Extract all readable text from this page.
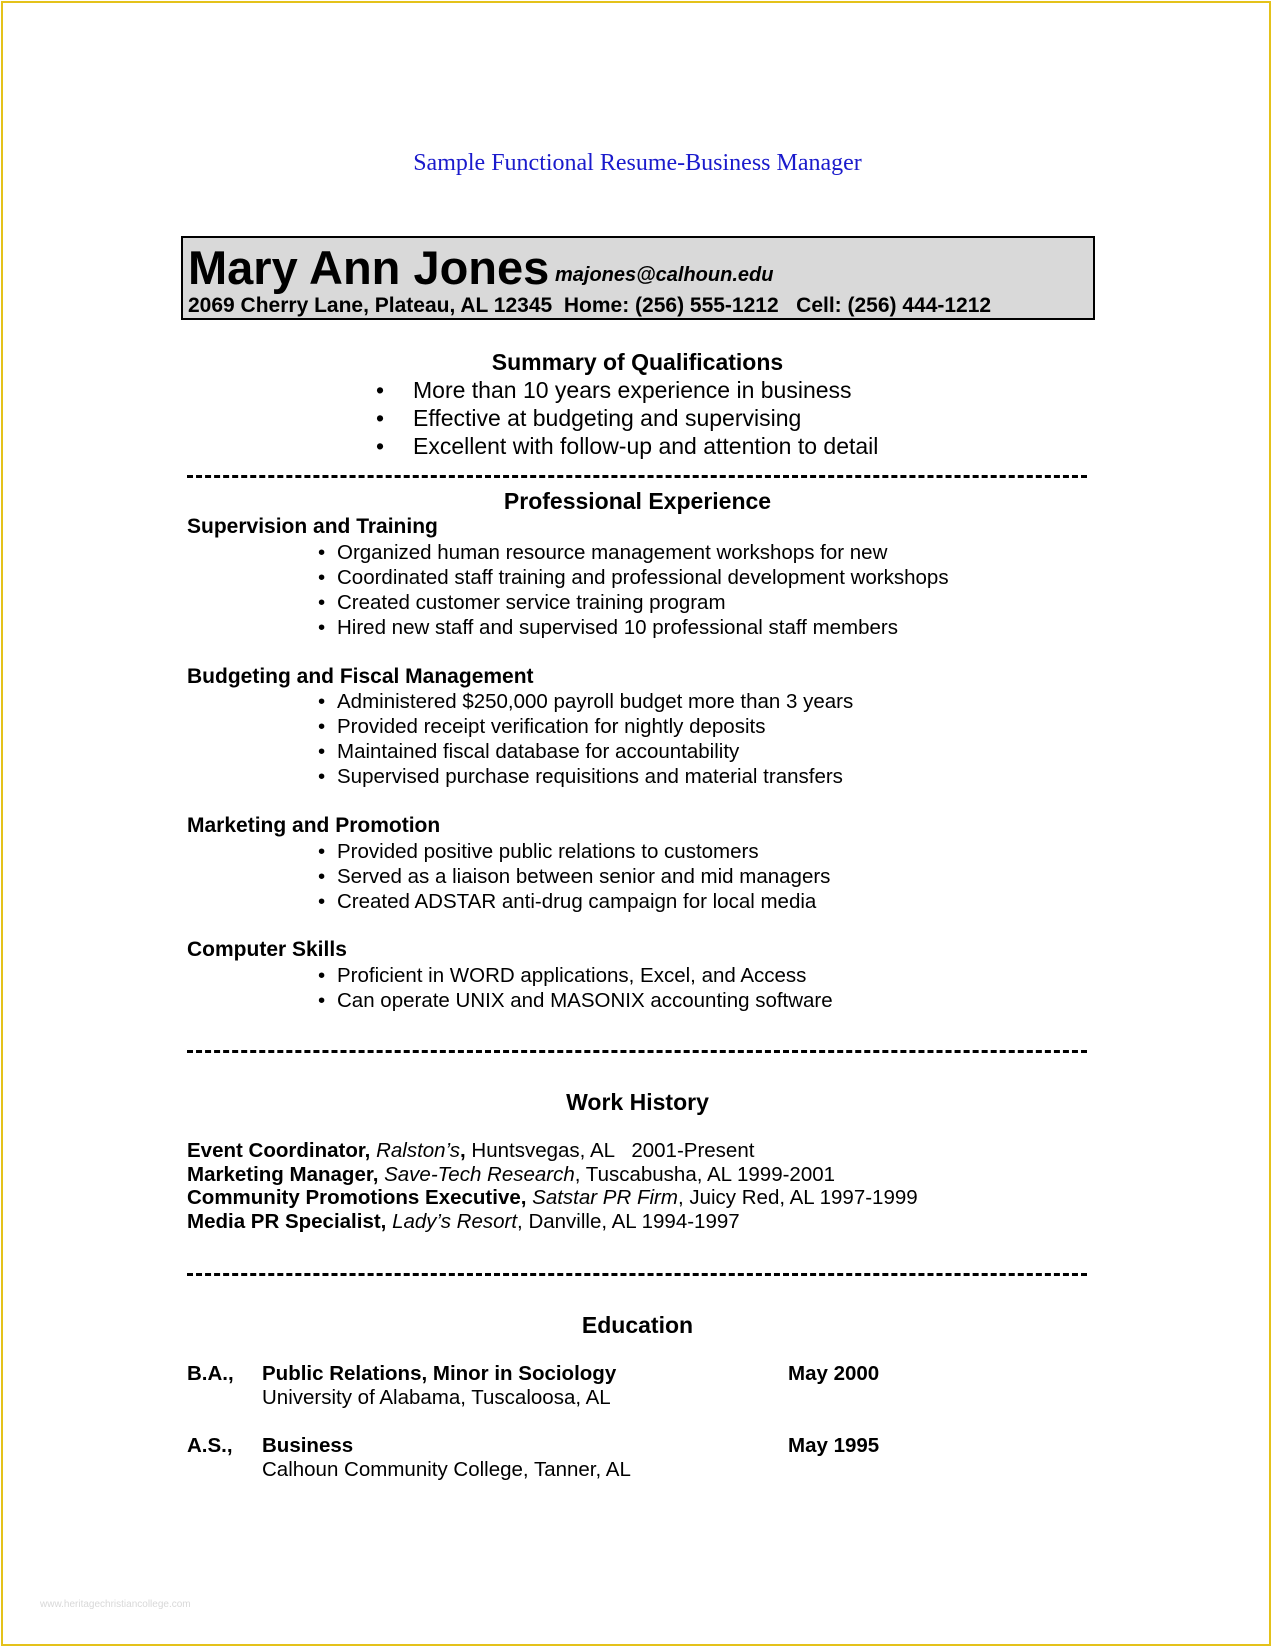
Sample Functional Resume-Business Manager
Mary Ann Jones majones@calhoun.edu
2069 Cherry Lane, Plateau, AL 12345  Home: (256) 555-1212   Cell: (256) 444-1212
Summary of Qualifications
• More than 10 years experience in business
• Effective at budgeting and supervising
• Excellent with follow-up and attention to detail
Professional Experience
Supervision and Training
• Organized human resource management workshops for new
• Coordinated staff training and professional development workshops
• Created customer service training program
• Hired new staff and supervised 10 professional staff members
Budgeting and Fiscal Management
• Administered $250,000 payroll budget more than 3 years
• Provided receipt verification for nightly deposits
• Maintained fiscal database for accountability
• Supervised purchase requisitions and material transfers
Marketing and Promotion
• Provided positive public relations to customers
• Served as a liaison between senior and mid managers
• Created ADSTAR anti-drug campaign for local media
Computer Skills
• Proficient in WORD applications, Excel, and Access
• Can operate UNIX and MASONIX accounting software
Work History
Event Coordinator, Ralston’s, Huntsvegas, AL   2001-Present
Marketing Manager, Save-Tech Research, Tuscabusha, AL 1999-2001
Community Promotions Executive, Satstar PR Firm, Juicy Red, AL 1997-1999
Media PR Specialist, Lady’s Resort, Danville, AL 1994-1997
Education
B.A., Public Relations, Minor in Sociology	May 2000
University of Alabama, Tuscaloosa, AL
A.S., Business	May 1995
Calhoun Community College, Tanner, AL
www.heritagechristiancollege.com
